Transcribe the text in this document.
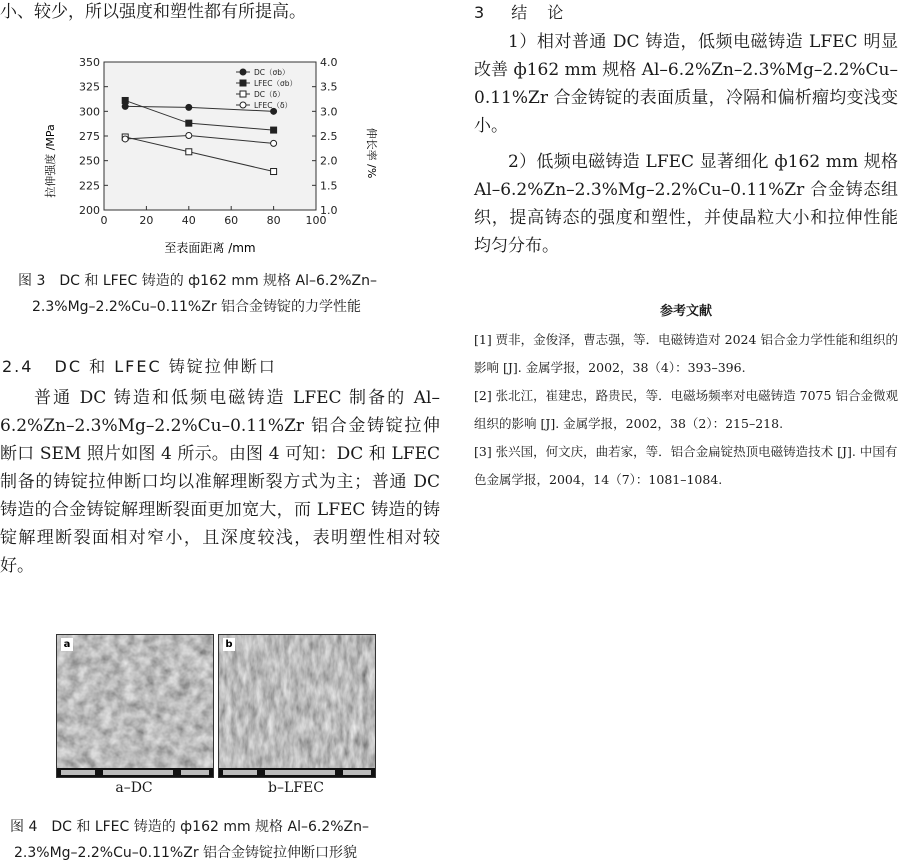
小、较少，所以强度和塑性都有所提高。
0	20	40	60	80 100
200
225
250
275
300
325
350
1.0
1.5
2.0
2.5
3.0
3.5
4.0
DC（σb）
LFEC（σb）
DC（δ）
LFEC（δ）
拉伸强度 /MPa	伸长率 /%
至表面距离 /mm
图 3　DC 和 LFEC 铸造的 ф162 mm 规格 Al–6.2%Zn–
2.3%Mg–2.2%Cu–0.11%Zr 铝合金铸锭的力学性能
2.4 DC 和 LFEC 铸锭拉伸断口
普通 DC 铸造和低频电磁铸造 LFEC 制备的 Al–6.2%Zn–2.3%Mg–2.2%Cu–0.11%Zr 铝合金铸锭拉伸断口 SEM 照片如图 4 所示。由图 4 可知：DC 和 LFEC 制备的铸锭拉伸断口均以准解理断裂方式为主；普通 DC 铸造的合金铸锭解理断裂面更加宽大，而 LFEC 铸造的铸锭解理断裂面相对窄小，且深度较浅，表明塑性相对较好。
a	b
a–DC	b–LFEC
图 4　DC 和 LFEC 铸造的 ф162 mm 规格 Al–6.2%Zn–
2.3%Mg–2.2%Cu–0.11%Zr 铝合金铸锭拉伸断口形貌
3 结　论
1）相对普通 DC 铸造，低频电磁铸造 LFEC 明显改善 ф162 mm 规格 Al–6.2%Zn–2.3%Mg–2.2%Cu–0.11%Zr 合金铸锭的表面质量，冷隔和偏析瘤均变浅变小。
2）低频电磁铸造 LFEC 显著细化 ф162 mm 规格 Al–6.2%Zn–2.3%Mg–2.2%Cu–0.11%Zr 合金铸态组织，提高铸态的强度和塑性，并使晶粒大小和拉伸性能均匀分布。
参考文献

[1] 贾非，金俊泽，曹志强，等．电磁铸造对 2024 铝合金力学性能和组织的影响 [J]. 金属学报，2002，38（4）：393–396.

[2] 张北江，崔建忠，路贵民，等．电磁场频率对电磁铸造 7075 铝合金微观组织的影响 [J]. 金属学报，2002，38（2）：215–218.

[3] 张兴国，何文庆，曲若家，等．铝合金扁锭热顶电磁铸造技术 [J]. 中国有色金属学报，2004，14（7）：1081–1084.
